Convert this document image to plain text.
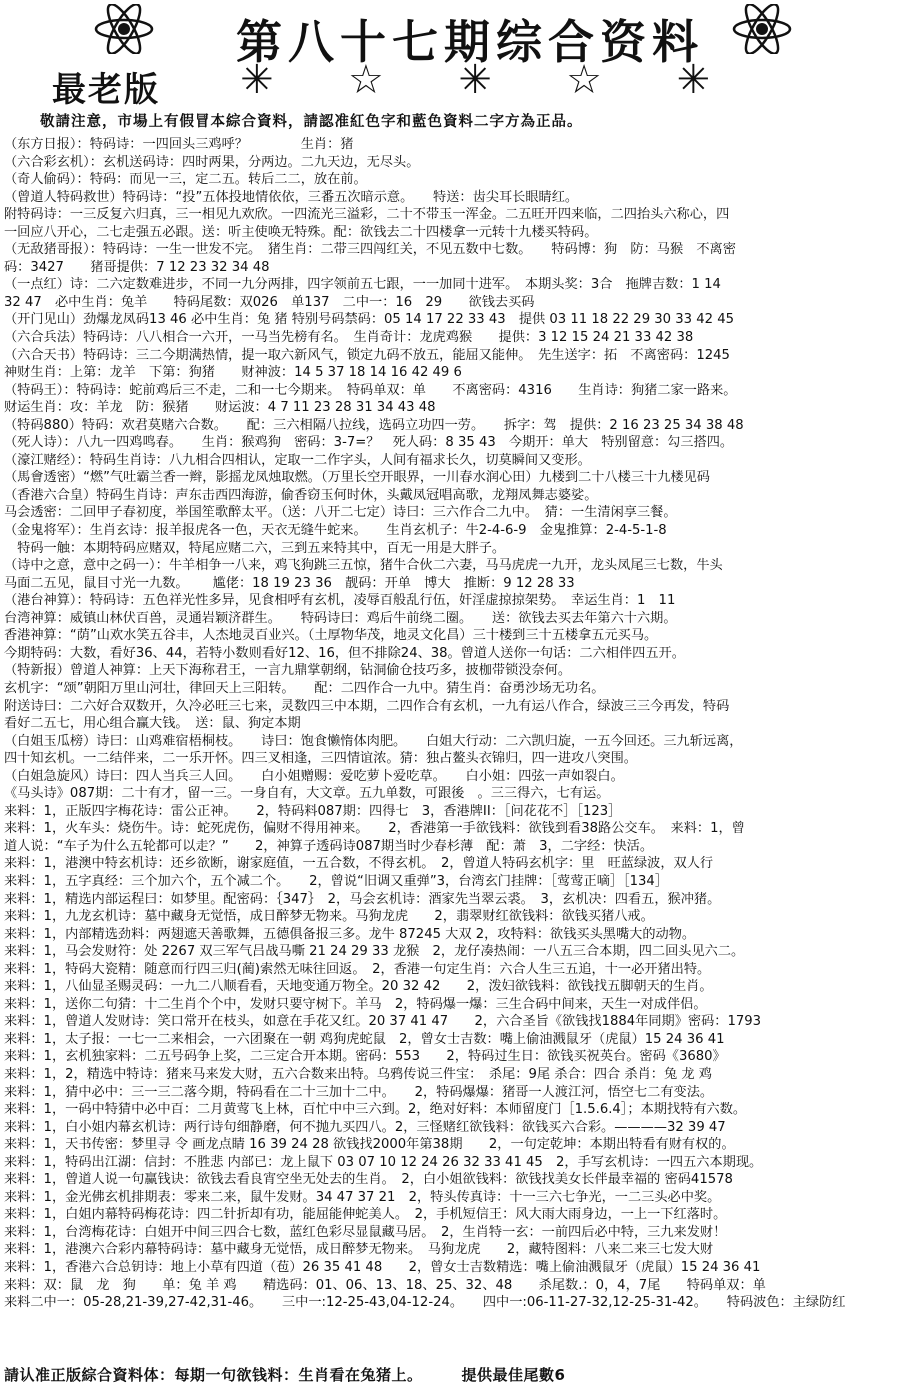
第八十七期综合资料
最老版 ✳ ☆ ✳ ☆ ✳
敬請注意，市場上有假冒本綜合資料，請認准紅色字和藍色資料二字方為正品。
（东方日报）：特码诗：一四回头三鸡呼？　　　　生肖：猪
（六合彩玄机）：玄机送码诗：四时两果，分两边。二九天边，无尽头。
（奇人偷码）：特码：而见一三，定二五。转后二二，放在前。
（曾道人特码救世）特码诗：“投”五体投地情依依，三番五次暗示意。　　特送：齿尖耳长眼睛红。
附特码诗：一三反复六归真，三一相见九欢欣。一四流光三溢彩，二十不带玉一浑金。二五旺开四来临，二四抬头六称心，四
一回应八开心，二七走强五必跟。送：听主使唤无特殊。配：欲钱去二十四楼拿一元转十九楼买特码。
（无敌猪哥报）：特码诗：一生一世发不完。　猪生肖：二带三四闯红关，不见五数中七数。　　特码博：狗　防：马猴　不离密
码：3427　　猪哥提供：7 12 23 32 34 48
（一点红）诗：二六定数难进步，不同一九分两排，四字领前五七跟，一一加同十进军。　本期头奖：3合　拖牌吉数：1 14
32 47　必中生肖：兔羊　　特码尾数：双026　单137　二中一：16　29　　欲钱去买码
（开门见山）劲爆龙凤码13 46 必中生肖：兔 猪 特别号码禁码：05 14 17 22 33 43　提供 03 11 18 22 29 30 33 42 45
（六合兵法）特码诗：八八相合一六开，一马当先榜有名。　生肖奇计：龙虎鸡猴　　提供：3 12 15 24 21 33 42 38
（六合天书）特码诗：三二今期满热情，提一取六新风气，锁定九码不放五，能屈又能伸。　先生送字：拓　不离密码：1245
神财生肖：上第：龙羊　下第：狗猪　　财神波：14 5 37 18 14 16 42 49 6
（特码王）：特码诗：蛇前鸡后三不走，二和一七今期来。　特码单双：单　　不离密码：4316　　生肖诗：狗猪二家一路来。
财运生肖：攻：羊龙　防：猴猪　　财运波：4 7 11 23 28 31 34 43 48
（特码880）特码：欢君莫赌六合数。　　配：三六相隔八拉线，选码立功四一劳。　　拆字：驾　提供：2 16 23 25 34 38 48
（死人诗）：八九一四鸡鸣春。　　生肖：猴鸡狗　密码：3-7=？　死人码：8 35 43　今期开：单大　特别留意：勾三搭四。
（濠江赌经）：特码生肖诗：八九相合四相认，定取一二作字头，人间有福求长久，切莫瞬间又变形。
（馬會透密）“燃”气吐霸兰香一辫，影摇龙凤烛取燃。（万里长空开眼界，一川春水润心田）九楼到二十八楼三十九楼见码
（香港六合皇）特码生肖诗：声东击西四海游，偷香窃玉何时休，头戴凤冠唱高歌，龙翔凤舞志婆娑。
马会透密：二回甲子春初度，举国笙歌醉太平。（送：八开二七定）诗曰：三六作合二九中。　猜：一生清闲享三餐。
（金鬼将军）：生肖玄诗：报羊报虎各一色，天衣无缝牛蛇来。　　生肖玄机子：牛2-4-6-9　金鬼推算：2-4-5-1-8
　特码一触：本期特码应赌双，特尾应赌二六，三到五来特其中，百无一用是大胖子。
（诗中之意，意中之码一）：牛羊相争一八来，鸡飞狗跳三五惊，猪牛合伙二六妻，马马虎虎一九开，龙头凤尾三七数，牛头
马面二五见，鼠目寸光一九数。　　 尴佬：18 19 23 36　靓码：开单　博大　推断：9 12 28 33
（港台神算）：特码诗：五色祥光性多异，见食相呼有玄机，凌辱百般乱行伍，奸淫虚掠掠架势。　幸运生肖：1　11
台湾神算：威镇山林伏百兽，灵通岩颖济群生。　　特码诗曰：鸡后牛前绕二圈。　　送：欲钱去买去年第六十六期。
香港神算：“荫”山欢水笑五谷丰，人杰地灵百业兴。（土厚物华茂，地灵文化昌）三十楼到三十五楼拿五元买马。
今期特码：大数，看好36、44，若特小数则看好12、16，但不排除24、38。曾道人送你一句话：二六相伴四五开。
（特新报）曾道人神算：上天下海称君王，一言九鼎掌朝纲，钻洞偷仓技巧多，披枷带锁没奈何。
玄机字：“颂”朝阳万里山河壮，律回天上三阳转。　　配：二四作合一九中。猜生肖：奋勇沙场无功名。
附送诗曰：二六好合双数开，久冷必旺三七来，灵数四三中本期，二四作合有玄机，一九有运八作合，绿波三三今再发，特码
看好二五七，用心组合赢大钱。　送：鼠、狗定本期
（白姐玉瓜榜）诗曰：山鸡难宿梧桐枝。　　诗曰：饱食懒惰体肉肥。　　白姐大行动：二六凯归旋，一五今回还。三九斩远离，
四十知玄机。一二结伴来，二一乐开怀。四三叉相逢，三四情谊浓。猜：独占鳌头衣锦归，四一进攻八突围。
（白姐急旋风）诗曰：四人当兵三人回。　　白小姐赠赐：爱吃萝卜爱吃草。　　白小姐：四弦一声如裂白。
《马头诗》087期：二十有才，留一三。一身自有，大文章。五九单数，可跟後　。三三得六，七有运。
来料：1，正版四字梅花诗：雷公正神。　　2，特码料087期：四得七　3，香港牌II：［问花花不］［123］
来料：1，火车头：烧伤牛。诗：蛇死虎伤，偏财不得用神来。　　2，香港第一手欲钱料：欲钱到看38路公交车。　来料：1，曾
道人说：“车子为什么五轮都可以走？”　　2，神算子透码诗087期当时少春杉薄　配：萧　3，二字经：快活。
来料：1，港澳中特玄机诗：还乡欲断，谢家庭值，一五合数，不得玄机。　2，曾道人特码玄机字：里　旺蓝绿波，双人行
来料：1，五字真经：三个加六个，五个减二个。　　2，曾说“旧调又重弹”3，台湾玄门挂牌：［莺莺正嘀］［134］
来料：1，精选内部运程曰：如梦里。配密码：｛347｝　2，马会玄机诗：酒家先当翠云裘。　3，玄机决：四看五，猴冲猪。
来料：1，九龙玄机诗：墓中藏身无觉悟，成日醉梦无物来。马狗龙虎　　2，翡翠财红欲钱料：欲钱买猪八戒。
来料：1，内部精选劲料：两翅遮天善歌舞，五德俱备报三多。龙牛 87245 大双 2，攻特料：欲钱买头黑嘴大的动物。
来料：1，马会发财符：处 2267 双三军气吕战马嘶 21 24 29 33 龙猴　2，龙仔凑热闹：一八五三合本期，四二回头见六二。
来料：1，特码大瓷精：随意而行四三归(蔺)索然无味往回返。　2，香港一句定生肖：六合人生三五追，十一必开猪出特。
来料：1，八仙显圣赐灵码：一九二八顺看看，天地变通万物全。20 32 42　　2，泼妇欲钱料：欲钱找五脚朝天的生肖。
来料：1，送你二句猜：十二生肖个个中，发财只要守树下。羊马　2，特码爆一爆：三生合码中间来，天生一对成伴侣。
来料：1，曾道人发财诗：笑口常开在枝头，如意在手花又红。20 37 41 47　　2，六合圣旨《欲钱找1884年同期》密码：1793
来料：1，太子报：一七一二来相会，一六团聚在一朝 鸡狗虎蛇鼠　2，曾女士吉数：嘴上偷油溅鼠牙（虎鼠）15 24 36 41
来料：1，玄机独家料：二五号码争上奖，二三定合开本期。密码：553　　2，特码过生日：欲钱买祝英台。密码《3680》
来料：1，2，精选中特诗：猪来马来发大财，五六合数来出特。乌鸦传说三件宝：　杀尾：9尾 杀合：四合 杀肖：兔 龙 鸡
来料：1，猜中必中：三一三二落今期，特码看在二十三加十二中。　　2，特码爆爆：猪哥一人渡江河，悟空七二有变法。
来料：1，一码中特猜中必中百：二月黄莺飞上林，百忙中中三六到。2，绝对好料：本师留度门［1.5.6.4］；本期找特有六数。
来料：1，白小姐内幕玄机诗：两行诗句细静磨，何不抛九买四八。2，三怪赌红欲钱料：欲钱买六合彩。————32 39 47
来料：1，天书传密：梦里寻 令 画龙点睛 16 39 24 28 欲钱找2000年第38期　　2，一句定乾坤：本期出特看有财有权的。
来料：1，特码出江湖：信封：不胜悲 内部已：龙上鼠下 03 07 10 12 24 26 32 33 41 45　2，手写玄机诗：一四五六本期现。
来料：1，曾道人说一句赢钱诀：欲钱去看良宵空坐无处去的生肖。　2，白小姐欲钱料：欲钱找美女长伴最幸福的 密码41578
来料：1，金光佛玄机排期表：零来二来，鼠牛发财。34 47 37 21　2，特头传真诗：十一三六七争光，一二三头必中奖。
来料：1，白姐内幕特码梅花诗：四二针折却有功，能屈能伸蛇美人。　2，手机短信王：风大雨大雨身边，一上一下红落时。
来料：1，台湾梅花诗：白姐开中间三四合七数，蓝红色彩尽显鼠藏马居。　2，生肖特一玄：一前四后必中特，三九来发财！
来料：1，港澳六合彩内幕特码诗：墓中藏身无觉悟，成日醉梦无物来。　马狗龙虎　　2，藏特图料：八来二来三七发大财
来料：1，香港六合总钥诗：地上小草有四道（苞）26 35 41 48　　2，曾女士吉数精选：嘴上偷油溅鼠牙（虎鼠）15 24 36 41
来料：双：鼠　龙　狗　　单：兔 羊 鸡　　精选码：01、06、13、18、25、32、48　　杀尾数.：0，4，7尾　　特码单双：单
来料二中一：05-28,21-39,27-42,31-46。　　三中一:12-25-43,04-12-24。　　四中一:06-11-27-32,12-25-31-42。　　特码波色：主绿防红
請认准正版綜合資料体：每期一句欲钱料：生肖看在兔猪上。　　　提供最佳尾數6
